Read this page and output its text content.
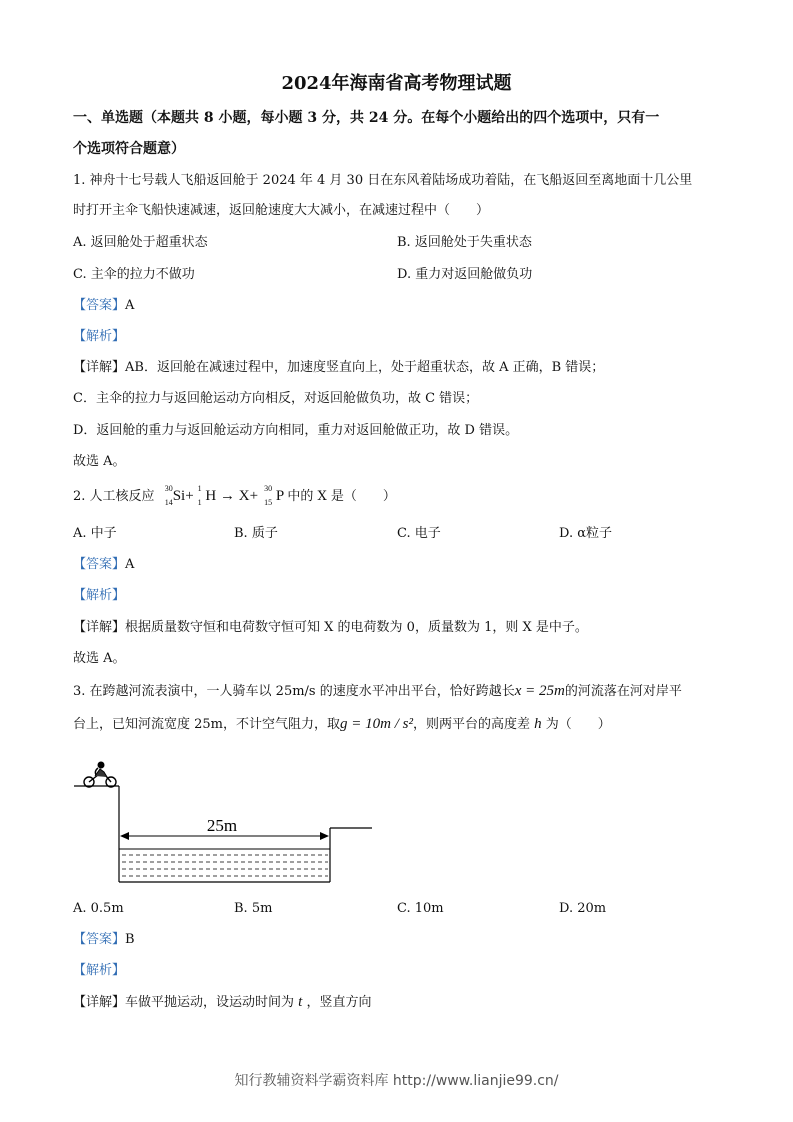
2024年海南省高考物理试题
一、单选题（本题共 8 小题，每小题 3 分，共 24 分。在每个小题给出的四个选项中，只有一
个选项符合题意）
1. 神舟十七号载人飞船返回舱于 2024 年 4 月 30 日在东风着陆场成功着陆，在飞船返回至离地面十几公里
时打开主伞飞船快速减速，返回舱速度大大减小，在减速过程中（　　）
A. 返回舱处于超重状态	B. 返回舱处于失重状态
C. 主伞的拉力不做功	D. 重力对返回舱做负功
【答案】A
【解析】
【详解】AB．返回舱在减速过程中，加速度竖直向上，处于超重状态，故 A 正确，B 错误；
C．主伞的拉力与返回舱运动方向相反，对返回舱做负功，故 C 错误；
D．返回舱的重力与返回舱运动方向相同，重力对返回舱做正功，故 D 错误。
故选 A。
2. 人工核反应
30
14 Si+ 1
1 H → X+ 30
15 P 中的 X 是（　　）
A. 中子	B. 质子	C. 电子	D. α粒子
【答案】A
【解析】
【详解】根据质量数守恒和电荷数守恒可知 X 的电荷数为 0，质量数为 1，则 X 是中子。
故选 A。
3. 在跨越河流表演中，一人骑车以 25m/s 的速度水平冲出平台，恰好跨越长x = 25m的河流落在河对岸平
台上，已知河流宽度 25m，不计空气阻力，取g = 10m / s²，则两平台的高度差 h 为（　　）
25m
A. 0.5m	B. 5m	C. 10m	D. 20m
【答案】B
【解析】
【详解】车做平抛运动，设运动时间为 t ，竖直方向
知行教辅资料学霸资料库 http://www.lianjie99.cn/
